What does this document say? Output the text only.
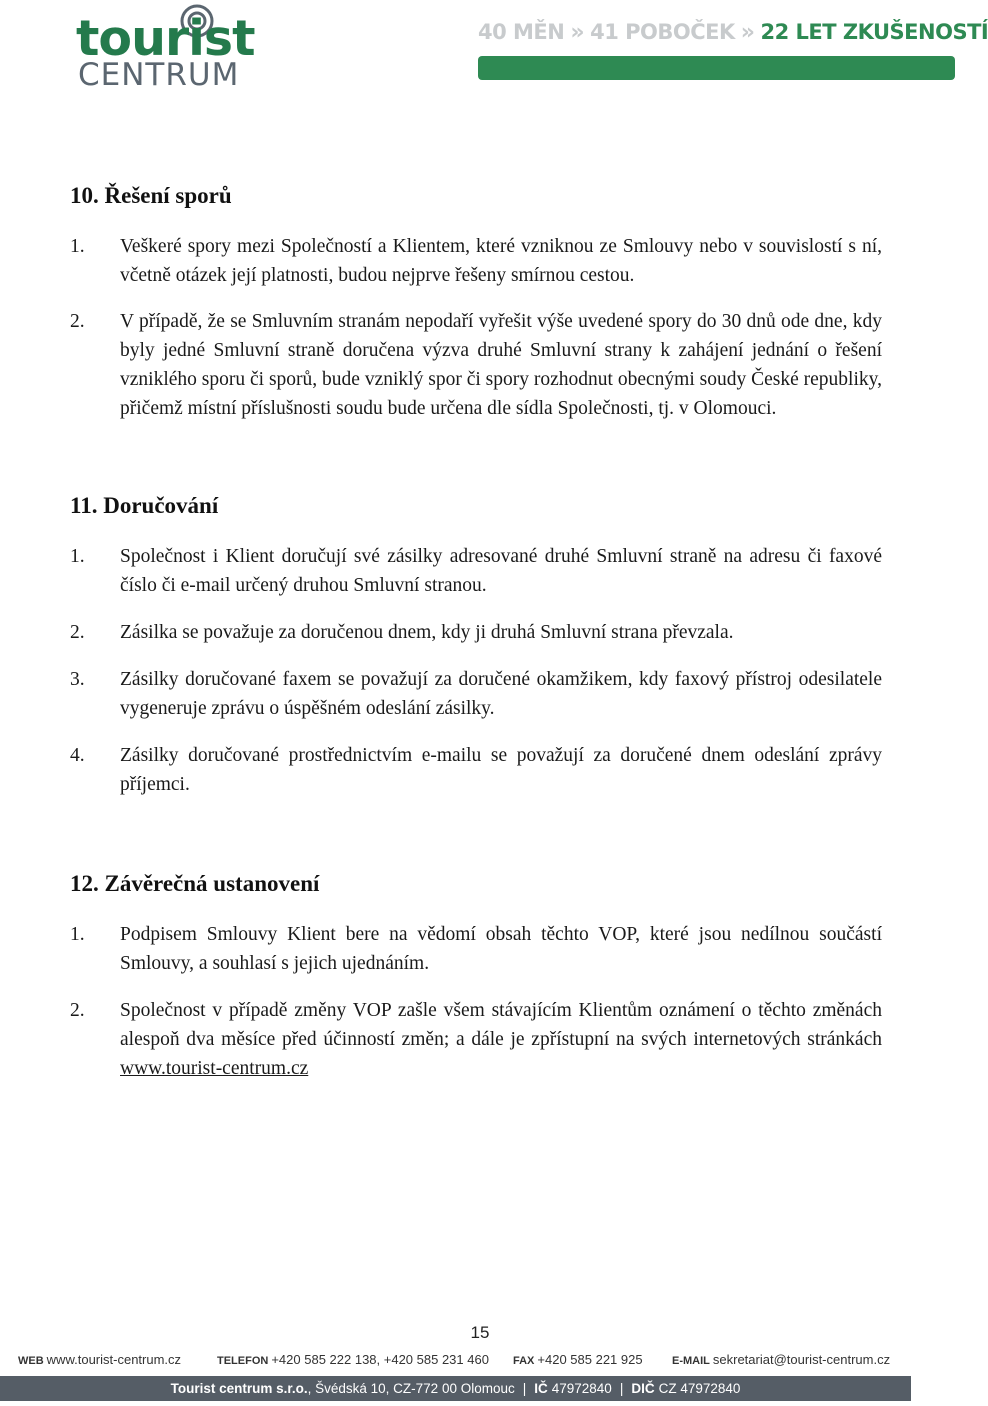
tourist
CENTRUM
40 MĚN » 41 POBOČEK » 22 LET ZKUŠENOSTÍ
10. Řešení sporů
1. Veškeré spory mezi Společností a Klientem, které vzniknou ze Smlouvy nebo v souvislostí s ní, včetně otázek její platnosti, budou nejprve řešeny smírnou cestou.
2. V případě, že se Smluvním stranám nepodaří vyřešit výše uvedené spory do 30 dnů ode dne, kdy byly jedné Smluvní straně doručena výzva druhé Smluvní strany k zahájení jednání o řešení vzniklého sporu či sporů, bude vzniklý spor či spory rozhodnut obecnými soudy České republiky, přičemž místní příslušnosti soudu bude určena dle sídla Společnosti, tj. v Olomouci.
11. Doručování
1. Společnost i Klient doručují své zásilky adresované druhé Smluvní straně na adresu či faxové číslo či e-mail určený druhou Smluvní stranou.
2. Zásilka se považuje za doručenou dnem, kdy ji druhá Smluvní strana převzala.
3. Zásilky doručované faxem se považují za doručené okamžikem, kdy faxový přístroj odesilatele vygeneruje zprávu o úspěšném odeslání zásilky.
4. Zásilky doručované prostřednictvím e-mailu se považují za doručené dnem odeslání zprávy příjemci.
12. Závěrečná ustanovení
1. Podpisem Smlouvy Klient bere na vědomí obsah těchto VOP, které jsou nedílnou součástí Smlouvy, a souhlasí s jejich ujednáním.
2. Společnost v případě změny VOP zašle všem stávajícím Klientům oznámení o těchto změnách alespoň dva měsíce před účinností změn; a dále je zpřístupní na svých internetových stránkách www.tourist-centrum.cz
15
WEB www.tourist-centrum.cz	TELEFON +420 585 222 138, +420 585 231 460 FAX +420 585 221 925	E-MAIL sekretariat@tourist-centrum.cz
Tourist centrum s.r.o. , Švédská 10, CZ-772 00 Olomouc | IČ 47972840 | DIČ CZ 47972840
